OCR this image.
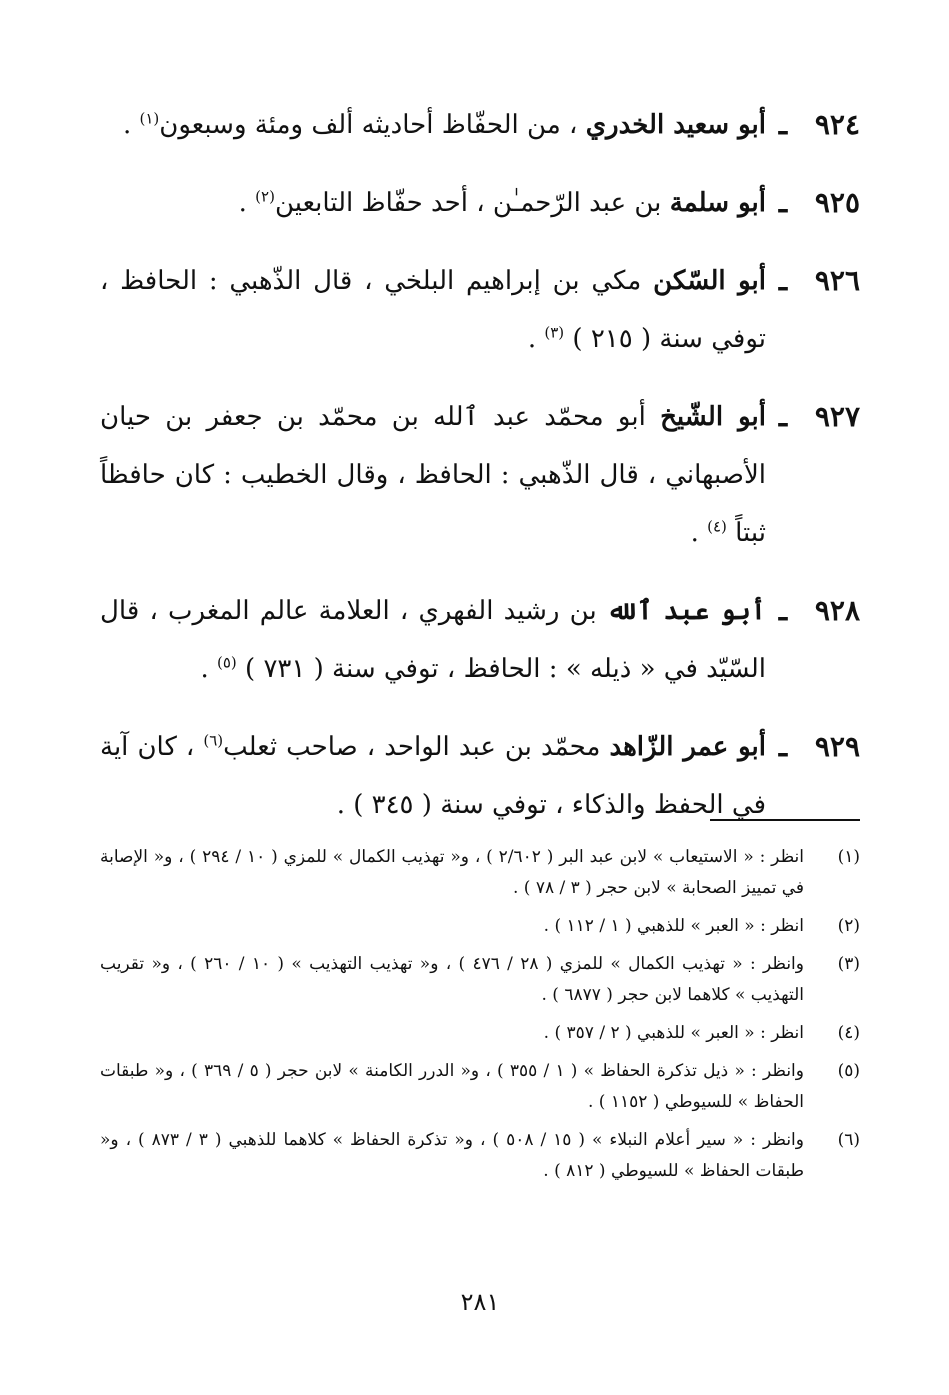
٩٢٤
ـ
أبو سعيد الخدري ، من الحفّاظ أحاديثه ألف ومئة وسبعون$^{(١)}$ .
٩٢٥
ـ
أبو سلمة بن عبد الرّحمـٰن ، أحد حفّاظ التابعين$^{(٢)}$ .
٩٢٦
ـ
أبو السّكن مكي بن إبراهيم البلخي ، قال الذّهبي : الحافظ ، توفي سنة ( ٢١٥ ) $^{(٣)}$ .
٩٢٧
ـ
أبو الشّيخ أبو محمّد عبد ٱلله بن محمّد بن جعفر بن حيان الأصبهاني ، قال الذّهبي : الحافظ ، وقال الخطيب : كان حافظاً ثبتاً $^{(٤)}$ .
٩٢٨
ـ
أبو عبد ٱلله بن رشيد الفهري ، العلامة عالم المغرب ، قال السّيّد في « ذيله » : الحافظ ، توفي سنة ( ٧٣١ ) $^{(٥)}$ .
٩٢٩
ـ
أبو عمر الزّاهد محمّد بن عبد الواحد ، صاحب ثعلب$^{(٦)}$ ، كان آية في الحفظ والذكاء ، توفي سنة ( ٣٤٥ ) .
(١)
انظر : « الاستيعاب » لابن عبد البر ( ٢/٦٠٢ ) ، و« تهذيب الكمال » للمزي ( ١٠ / ٢٩٤ ) ، و« الإصابة في تمييز الصحابة » لابن حجر ( ٣ / ٧٨ ) .
(٢)
انظر : « العبر » للذهبي ( ١ / ١١٢ ) .
(٣)
وانظر : « تهذيب الكمال » للمزي ( ٢٨ / ٤٧٦ ) ، و« تهذيب التهذيب » ( ١٠ / ٢٦٠ ) ، و« تقريب التهذيب » كلاهما لابن حجر ( ٦٨٧٧ ) .
(٤)
انظر : « العبر » للذهبي ( ٢ / ٣٥٧ ) .
(٥)
وانظر : « ذيل تذكرة الحفاظ » ( ١ / ٣٥٥ ) ، و« الدرر الكامنة » لابن حجر ( ٥ / ٣٦٩ ) ، و« طبقات الحفاظ » للسيوطي ( ١١٥٢ ) .
(٦)
وانظر : « سير أعلام النبلاء » ( ١٥ / ٥٠٨ ) ، و« تذكرة الحفاظ » كلاهما للذهبي ( ٣ / ٨٧٣ ) ، و« طبقات الحفاظ » للسيوطي ( ٨١٢ ) .
٢٨١
